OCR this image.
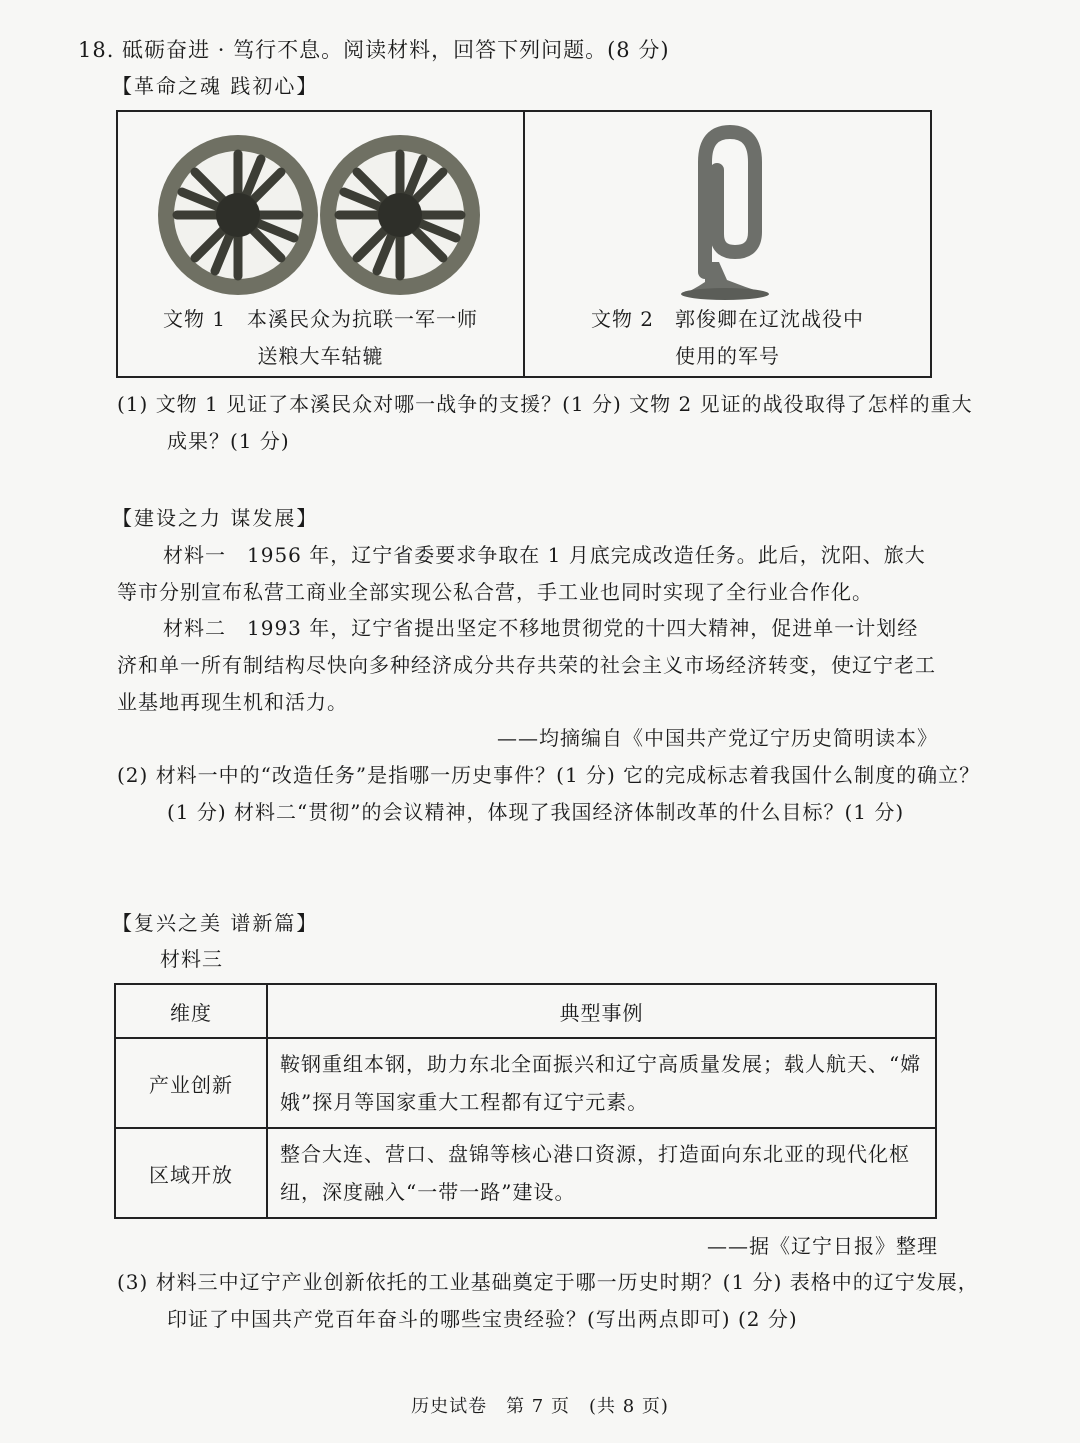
18. 砥砺奋进 · 笃行不息。阅读材料，回答下列问题。(8 分)
【革命之魂 践初心】
文物 1　本溪民众为抗联一军一师
送粮大车轱辘
文物 2　郭俊卿在辽沈战役中
使用的军号
(1) 文物 1 见证了本溪民众对哪一战争的支援？(1 分) 文物 2 见证的战役取得了怎样的重大成果？(1 分)
【建设之力 谋发展】
材料一　1956 年，辽宁省委要求争取在 1 月底完成改造任务。此后，沈阳、旅大等市分别宣布私营工商业全部实现公私合营，手工业也同时实现了全行业合作化。
材料二　1993 年，辽宁省提出坚定不移地贯彻党的十四大精神，促进单一计划经济和单一所有制结构尽快向多种经济成分共存共荣的社会主义市场经济转变，使辽宁老工业基地再现生机和活力。
——均摘编自《中国共产党辽宁历史简明读本》
(2) 材料一中的“改造任务”是指哪一历史事件？(1 分) 它的完成标志着我国什么制度的确立？(1 分) 材料二“贯彻”的会议精神，体现了我国经济体制改革的什么目标？(1 分)
【复兴之美 谱新篇】
材料三
维度	典型事例
产业创新	鞍钢重组本钢，助力东北全面振兴和辽宁高质量发展；载人航天、“嫦娥”探月等国家重大工程都有辽宁元素。
区域开放	整合大连、营口、盘锦等核心港口资源，打造面向东北亚的现代化枢纽，深度融入“一带一路”建设。
——据《辽宁日报》整理
(3) 材料三中辽宁产业创新依托的工业基础奠定于哪一历史时期？(1 分) 表格中的辽宁发展，印证了中国共产党百年奋斗的哪些宝贵经验？(写出两点即可) (2 分)
历史试卷　第 7 页　(共 8 页)
